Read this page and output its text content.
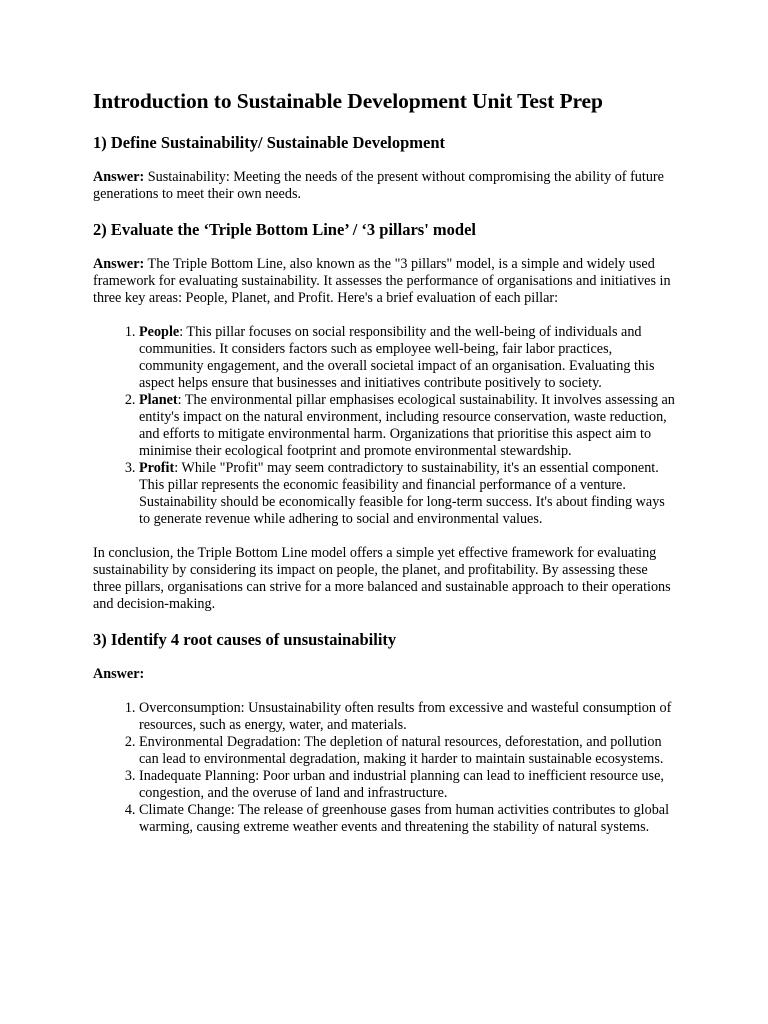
Introduction to Sustainable Development Unit Test Prep
1) Define Sustainability/ Sustainable Development

Answer: Sustainability: Meeting the needs of the present without compromising the ability of future generations to meet their own needs.

2) Evaluate the ‘Triple Bottom Line’ / ‘3 pillars' model

Answer: The Triple Bottom Line, also known as the "3 pillars" model, is a simple and widely used framework for evaluating sustainability. It assesses the performance of organisations and initiatives in three key areas: People, Planet, and Profit. Here's a brief evaluation of each pillar:

1. People: This pillar focuses on social responsibility and the well-being of individuals and communities. It considers factors such as employee well-being, fair labor practices, community engagement, and the overall societal impact of an organisation. Evaluating this aspect helps ensure that businesses and initiatives contribute positively to society.
2. Planet: The environmental pillar emphasises ecological sustainability. It involves assessing an entity's impact on the natural environment, including resource conservation, waste reduction, and efforts to mitigate environmental harm. Organizations that prioritise this aspect aim to minimise their ecological footprint and promote environmental stewardship.
3. Profit: While "Profit" may seem contradictory to sustainability, it's an essential component. This pillar represents the economic feasibility and financial performance of a venture. Sustainability should be economically feasible for long-term success. It's about finding ways to generate revenue while adhering to social and environmental values.

In conclusion, the Triple Bottom Line model offers a simple yet effective framework for evaluating sustainability by considering its impact on people, the planet, and profitability. By assessing these three pillars, organisations can strive for a more balanced and sustainable approach to their operations and decision-making.

3) Identify 4 root causes of unsustainability

Answer:

1. Overconsumption: Unsustainability often results from excessive and wasteful consumption of resources, such as energy, water, and materials.
2. Environmental Degradation: The depletion of natural resources, deforestation, and pollution can lead to environmental degradation, making it harder to maintain sustainable ecosystems.
3. Inadequate Planning: Poor urban and industrial planning can lead to inefficient resource use, congestion, and the overuse of land and infrastructure.
4. Climate Change: The release of greenhouse gases from human activities contributes to global warming, causing extreme weather events and threatening the stability of natural systems.
